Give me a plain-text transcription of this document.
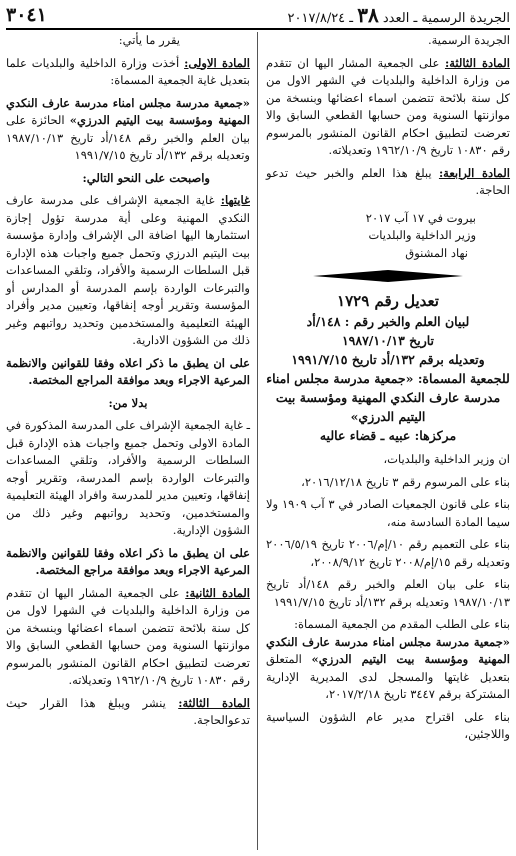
الجريدة الرسمية ـ العدد ٣٨ ـ ٢٠١٧/٨/٢٤
٣٠٤١

الجريدة الرسمية.

المادة الثالثة: على الجمعية المشار اليها ان تتقدم من وزارة الداخلية والبلديات في الشهر الاول من كل سنة بلائحة تتضمن اسماء اعضائها وبنسخة من موازنتها السنوية ومن حسابها القطعي السابق والا تعرضت لتطبيق احكام القانون المنشور بالمرسوم رقم ١٠٨٣٠ تاريخ ١٩٦٢/١٠/٩ وتعديلاته.

المادة الرابعة: يبلغ هذا العلم والخبر حيث تدعو الحاجة.

بيروت في ١٧ آب ٢٠١٧

وزير الداخلية والبلديات

نهاد المشنوق

تعديل رقم ١٧٢٩
لبيان العلم والخبر رقم : ١٤٨/أد
تاريخ ١٩٨٧/١٠/١٣
وتعديله برقم ١٣٢/أد تاريخ ١٩٩١/٧/١٥
للجمعية المسماة: «جمعية مدرسة مجلس امناء مدرسة عارف النكدي المهنية ومؤسسة بيت اليتيم الدرزي»
مركزها: عبيه ـ قضاء عاليه

ان وزير الداخلية والبلديات،

بناء على المرسوم رقم ٣ تاريخ ٢٠١٦/١٢/١٨،

بناء على قانون الجمعيات الصادر في ٣ آب ١٩٠٩ ولا سيما المادة السادسة منه،

بناء على التعميم رقم ١٠/إم/٢٠٠٦ تاريخ ٢٠٠٦/٥/١٩ وتعديله رقم ١٥/إم/٢٠٠٨ تاريخ ٢٠٠٨/٩/١٢،

بناء على بيان العلم والخبر رقم ١٤٨/أد تاريخ ١٩٨٧/١٠/١٣ وتعديله برقم ١٣٢/أد تاريخ ١٩٩١/٧/١٥

بناء على الطلب المقدم من الجمعية المسماة:
«جمعية مدرسة مجلس امناء مدرسة عارف النكدي المهنية ومؤسسة بيت اليتيم الدرزي» المتعلق بتعديل غايتها والمسجل لدى المديرية الإدارية المشتركة برقم ٣٤٤٧ تاريخ ٢٠١٧/٢/١٨،

بناء على اقتراح مدير عام الشؤون السياسية واللاجئين،

يقرر ما يأتي:

المادة الاولى: أخذت وزارة الداخلية والبلديات علما بتعديل غاية الجمعية المسماة:

«جمعية مدرسة مجلس امناء مدرسة عارف النكدي المهنية ومؤسسة بيت اليتيم الدرزي» الحائزة على بيان العلم والخبر رقم ١٤٨/أد تاريخ ١٩٨٧/١٠/١٣ وتعديله برقم ١٣٢/أد تاريخ ١٩٩١/٧/١٥

واصبحت على النحو التالي:

غايتها: غاية الجمعية الإشراف على مدرسة عارف النكدي المهنية وعلى أية مدرسة تؤول إجازة استثمارها اليها اضافة الى الإشراف وإدارة مؤسسة بيت اليتيم الدرزي وتحمل جميع واجبات هذه الإدارة قبل السلطات الرسمية والأفراد، وتلقي المساعدات والتبرعات الواردة بإسم المدرسة أو المدارس أو المؤسسة وتقرير أوجه إنفاقها، وتعيين مدير وأفراد الهيئة التعليمية والمستخدمين وتحديد رواتبهم وغير ذلك من الشؤون الادارية.

على ان يطبق ما ذكر اعلاه وفقا للقوانين والانظمة المرعية الاجراء وبعد موافقة المراجع المختصة.

بدلا من:

ـ غاية الجمعية الإشراف على المدرسة المذكورة في المادة الاولى وتحمل جميع واجبات هذه الإدارة قبل السلطات الرسمية والأفراد، وتلقي المساعدات والتبرعات الواردة بإسم المدرسة، وتقرير أوجه إنفاقها، وتعيين مدير للمدرسة وافراد الهيئة التعليمية والمستخدمين، وتحديد رواتبهم وغير ذلك من الشؤون الإدارية.

على ان يطبق ما ذكر اعلاه وفقا للقوانين والانظمة المرعية الاجراء وبعد موافقة مراجع المختصة.

المادة الثانية: على الجمعية المشار اليها ان تتقدم من وزارة الداخلية والبلديات في الشهرا لاول من كل سنة بلائحة تتضمن اسماء اعضائها وبنسخة من موازنتها السنوية ومن حسابها القطعي السابق والا تعرضت لتطبيق احكام القانون المنشور بالمرسوم رقم ١٠٨٣٠ تاريخ ١٩٦٢/١٠/٩ وتعديلاته.

المادة الثالثة: ينشر ويبلغ هذا القرار حيث تدعوالحاجة.
